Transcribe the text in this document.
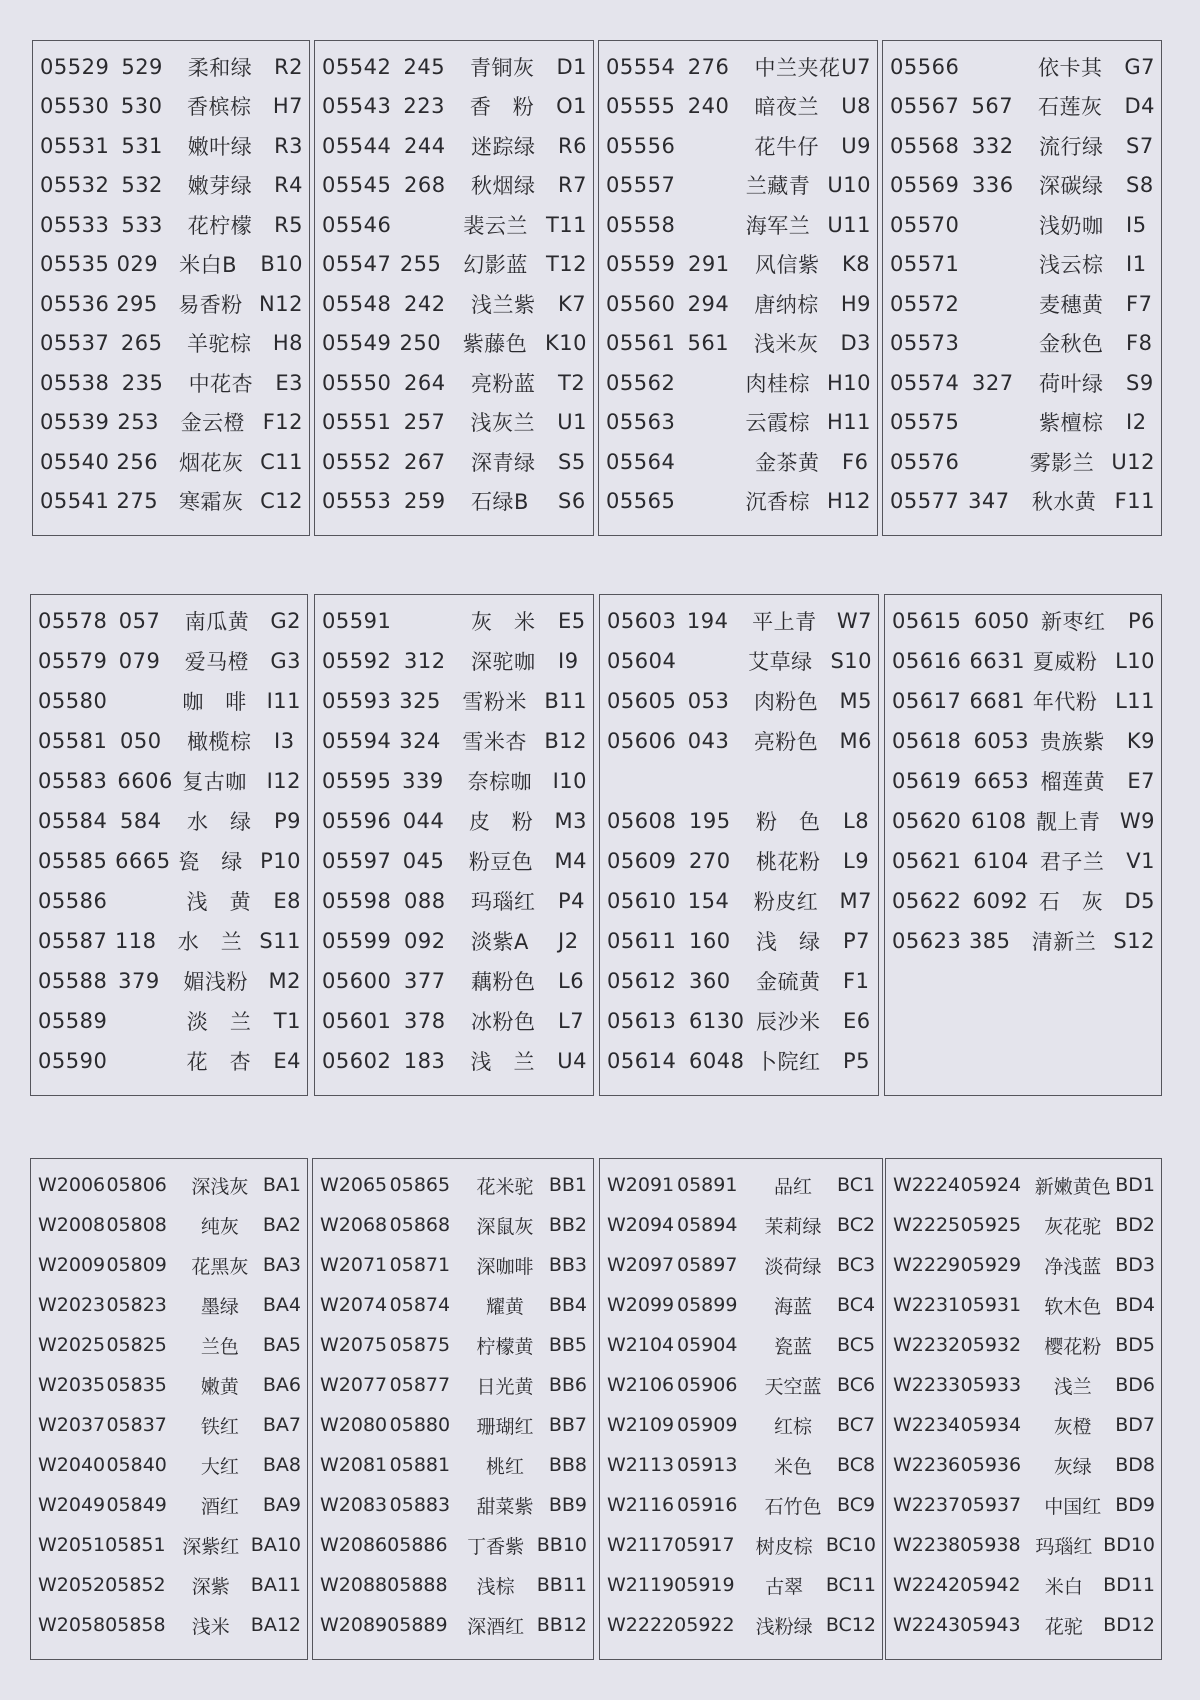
05529 529	柔和绿	R2
05530 530	香槟棕	H7
05531 531	嫩叶绿	R3
05532 532	嫩芽绿	R4
05533 533	花柠檬	R5
05535 029 米白B	B10
05536 295 易香粉 N12
05537 265	羊驼棕	H8
05538 235	中花杏	E3
05539 253	金云橙 F12
05540 256 烟花灰 C11
05541 275 寒霜灰 C12
05542 245	青铜灰	D1
05543 223	香　粉	O1
05544 244	迷踪绿	R6
05545 268	秋烟绿	R7
05546	裴云兰 T11
05547 255	幻影蓝 T12
05548 242	浅兰紫	K7
05549 250	紫藤色 K10
05550 264	亮粉蓝	T2
05551 257	浅灰兰	U1
05552 267	深青绿	S5
05553 259	石绿B	S6
05554 276	中兰夹花 U7
05555 240	暗夜兰	U8
05556	花牛仔	U9
05557	兰藏青 U10
05558	海军兰 U11
05559 291	风信紫	K8
05560 294	唐纳棕	H9
05561 561	浅米灰	D3
05562	肉桂棕 H10
05563	云霞棕 H11
05564	金茶黄	F6
05565	沉香棕 H12
05566	依卡其	G7
05567 567	石莲灰	D4
05568 332	流行绿	S7
05569 336	深碳绿	S8
05570	浅奶咖	I5
05571	浅云棕	I1
05572	麦穗黄	F7
05573	金秋色	F8
05574 327	荷叶绿	S9
05575	紫檀棕	I2
05576	雾影兰 U12
05577 347	秋水黄 F11
05578 057	南瓜黄	G2
05579 079	爱马橙	G3
05580	咖　啡 I11
05581 050	橄榄棕	I3
05583 6606 复古咖 I12
05584 584	水　绿	P9
05585 6665 瓷　绿 P10
05586	浅　黄	E8
05587 118	水　兰 S11
05588 379	媚浅粉 M2
05589	淡　兰	T1
05590	花　杏	E4
05591	灰　米	E5
05592 312	深驼咖	I9
05593 325	雪粉米 B11
05594 324	雪米杏 B12
05595 339	奈棕咖 I10
05596 044	皮　粉	M3
05597 045	粉豆色	M4
05598 088	玛瑙红	P4
05599 092	淡紫A	J2
05600 377	藕粉色	L6
05601 378	冰粉色	L7
05602 183	浅　兰	U4
05603 194	平上青 W7
05604	艾草绿 S10
05605 053	肉粉色	M5
05606 043	亮粉色	M6
05608 195	粉　色	L8
05609 270	桃花粉	L9
05610 154	粉皮红	M7
05611 160	浅　绿	P7
05612 360	金硫黄	F1
05613 6130 辰沙米	E6
05614 6048 卜院红	P5
05615 6050 新枣红	P6
05616 6631 夏威粉 L10
05617 6681 年代粉 L11
05618 6053 贵族紫	K9
05619 6653 榴莲黄	E7
05620 6108 靓上青 W9
05621 6104 君子兰	V1
05622 6092 石　灰	D5
05623 385	清新兰 S12
W2006 05806	深浅灰 BA1
W2008 05808	纯灰	BA2
W2009 05809	花黑灰 BA3
W2023 05823	墨绿	BA4
W2025 05825	兰色	BA5
W2035 05835	嫩黄	BA6
W2037 05837	铁红	BA7
W2040 05840	大红	BA8
W2049 05849	酒红	BA9
W2051 05851 深紫红 BA10
W2052 05852	深紫	BA11
W2058 05858	浅米	BA12
W2065 05865	花米驼 BB1
W2068 05868	深鼠灰 BB2
W2071 05871	深咖啡 BB3
W2074 05874	耀黄	BB4
W2075 05875	柠檬黄 BB5
W2077 05877	日光黄 BB6
W2080 05880	珊瑚红 BB7
W2081 05881	桃红	BB8
W2083 05883	甜菜紫 BB9
W2086 05886	丁香紫 BB10
W2088 05888	浅棕	BB11
W2089 05889	深酒红 BB12
W2091 05891	品红	BC1
W2094 05894	茉莉绿 BC2
W2097 05897	淡荷绿 BC3
W2099 05899	海蓝	BC4
W2104 05904	瓷蓝	BC5
W2106 05906	天空蓝 BC6
W2109 05909	红棕	BC7
W2113 05913	米色	BC8
W2116 05916	石竹色 BC9
W2117 05917	树皮棕 BC10
W2119 05919	古翠	BC11
W2222 05922	浅粉绿 BC12
W2224 05924 新嫩黄色 BD1
W2225 05925	灰花驼 BD2
W2229 05929	净浅蓝 BD3
W2231 05931	软木色 BD4
W2232 05932	樱花粉 BD5
W2233 05933	浅兰	BD6
W2234 05934	灰橙	BD7
W2236 05936	灰绿	BD8
W2237 05937	中国红 BD9
W2238 05938 玛瑙红 BD10
W2242 05942	米白	BD11
W2243 05943	花驼	BD12
